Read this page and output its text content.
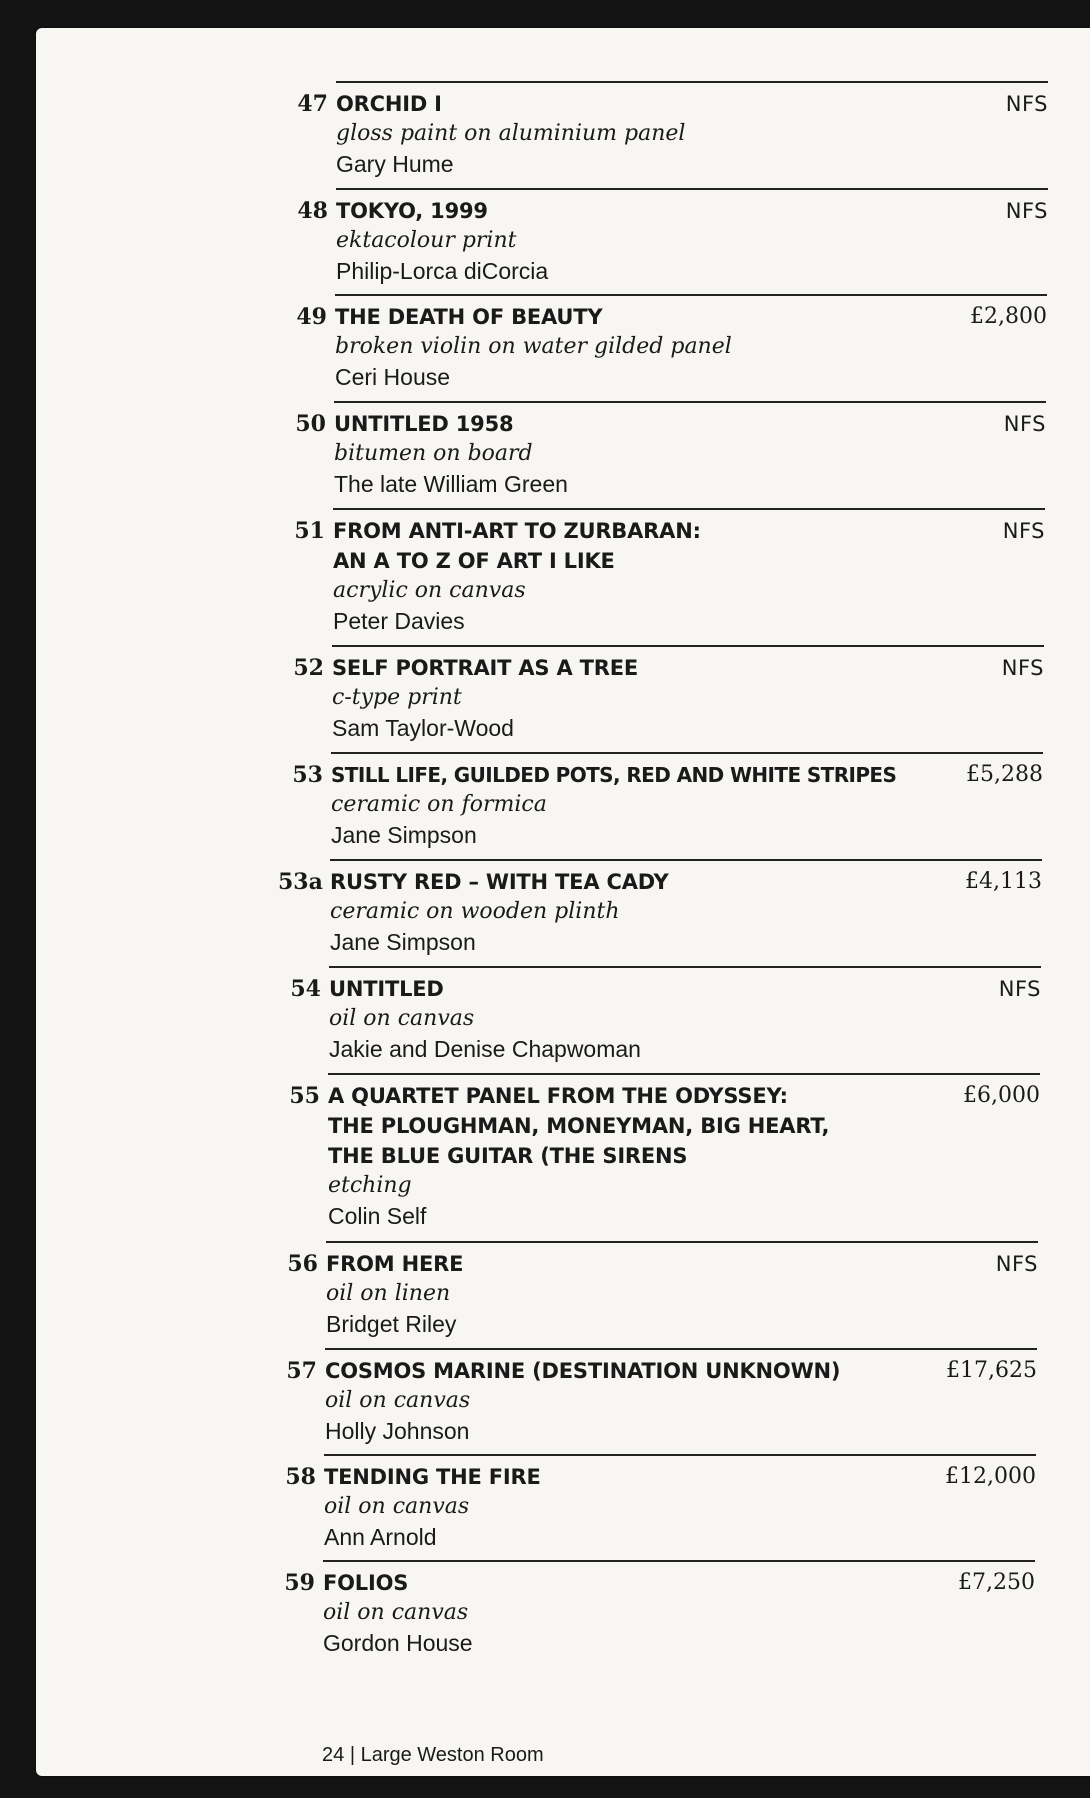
47 ORCHID I
gloss paint on aluminium panel
Gary Hume
NFS
48 TOKYO, 1999
ektacolour print
Philip-Lorca diCorcia
NFS
49 THE DEATH OF BEAUTY
broken violin on water gilded panel
Ceri House
£2,800
50 UNTITLED 1958
bitumen on board
The late William Green
NFS
51 FROM ANTI-ART TO ZURBARAN:
AN A TO Z OF ART I LIKE
acrylic on canvas
Peter Davies
NFS
52 SELF PORTRAIT AS A TREE
c-type print
Sam Taylor-Wood
NFS
53 STILL LIFE, GUILDED POTS, RED AND WHITE STRIPES
ceramic on formica
Jane Simpson
£5,288
53a RUSTY RED – WITH TEA CADY
ceramic on wooden plinth
Jane Simpson
£4,113
54 UNTITLED
oil on canvas
Jakie and Denise Chapwoman
NFS
55 A QUARTET PANEL FROM THE ODYSSEY:
THE PLOUGHMAN, MONEYMAN, BIG HEART,
THE BLUE GUITAR (THE SIRENS
etching
Colin Self
£6,000
56 FROM HERE
oil on linen
Bridget Riley
NFS
57 COSMOS MARINE (DESTINATION UNKNOWN)
oil on canvas
Holly Johnson
£17,625
58 TENDING THE FIRE
oil on canvas
Ann Arnold
£12,000
59 FOLIOS
oil on canvas
Gordon House
£7,250
24 | Large Weston Room
